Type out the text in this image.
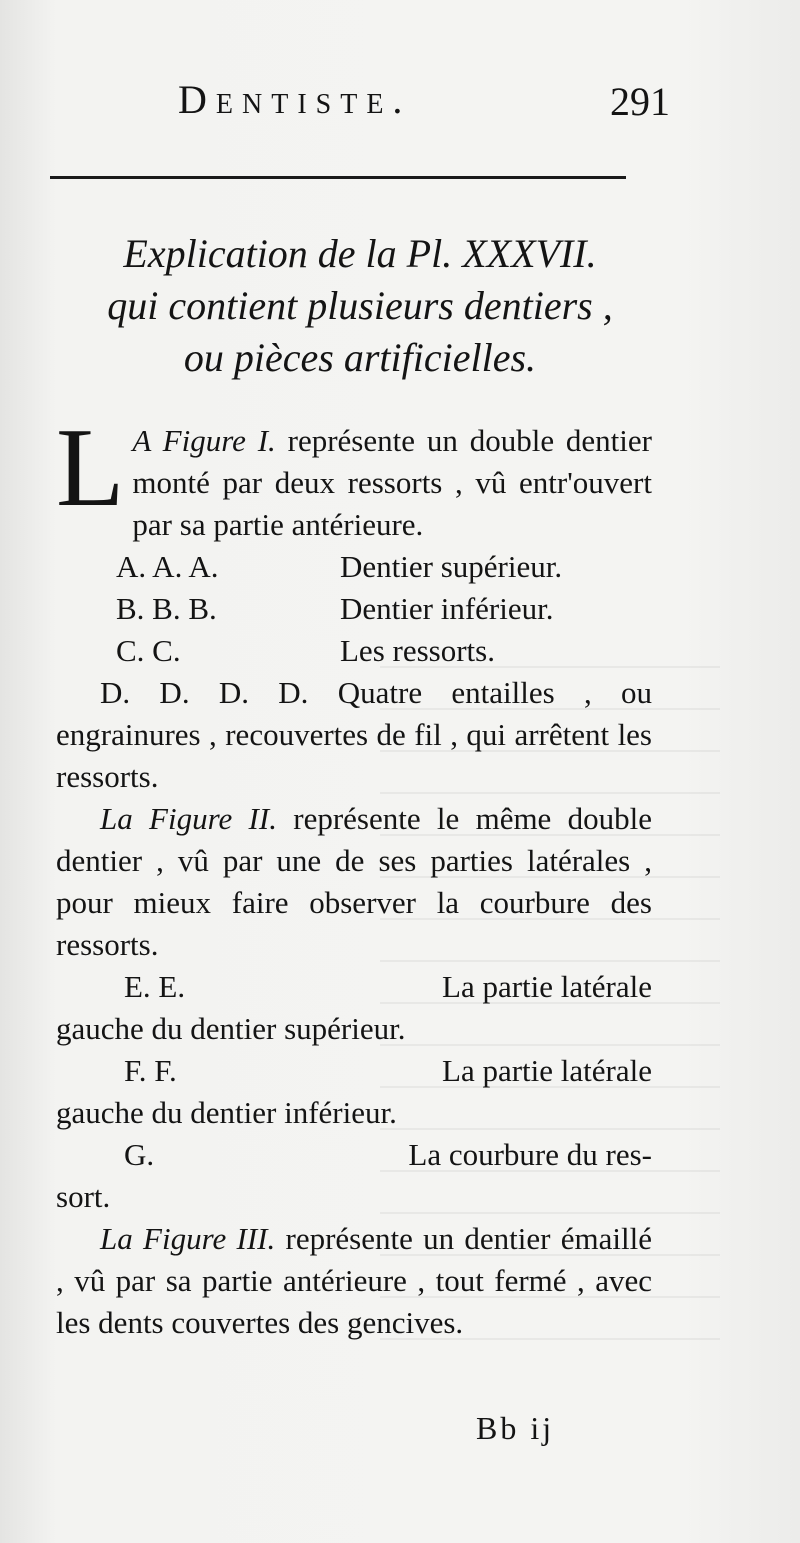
Dentiste.	291
Explication de la Pl. XXXVII.
qui contient plusieurs dentiers ,
ou pièces artificielles.

L A Figure I. représente un double dentier monté par deux ressorts , vû entr'ouvert par sa partie antérieure.

A. A. A.	Dentier supérieur.
B. B. B.	Dentier inférieur.
C. C.	Les ressorts.

D. D. D. D. Quatre entailles , ou engrainures , recouvertes de fil , qui arrêtent les ressorts.

La Figure II. représente le même double dentier , vû par une de ses parties latérales , pour mieux faire observer la courbure des ressorts.

E. E.	La partie latérale

gauche du dentier supérieur.

F. F.	La partie latérale

gauche du dentier inférieur.

G.	La courbure du res-

sort.

La Figure III. représente un dentier émaillé , vû par sa partie antérieure , tout fermé , avec les dents couvertes des gencives.

Bb ij
